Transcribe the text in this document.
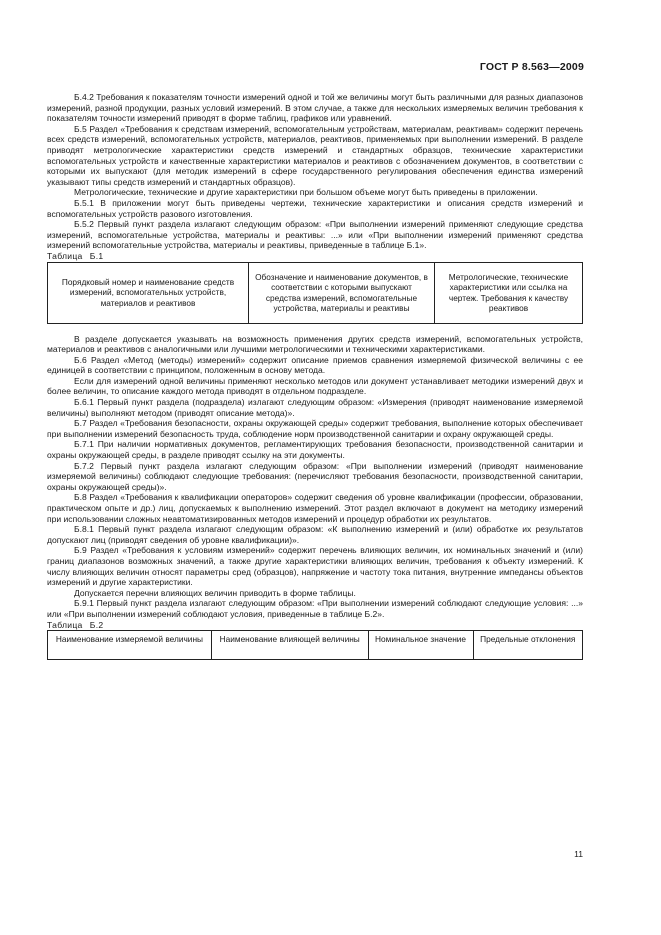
ГОСТ Р 8.563—2009

Б.4.2 Требования к показателям точности измерений одной и той же величины могут быть различными для разных диапазонов измерений, разной продукции, разных условий измерений. В этом случае, а также для нескольких измеряемых величин требования к показателям точности измерений приводят в форме таблиц, графиков или уравнений.

Б.5 Раздел «Требования к средствам измерений, вспомогательным устройствам, материалам, реактивам» содержит перечень всех средств измерений, вспомогательных устройств, материалов, реактивов, применяемых при выполнении измерений. В разделе приводят метрологические характеристики средств измерений и стандартных образцов, технические характеристики вспомогательных устройств и качественные характеристики материалов и реактивов с обозначением документов, в соответствии с которыми их выпускают (для методик измерений в сфере государственного регулирования обеспечения единства измерений указывают типы средств измерений и стандартных образцов).

Метрологические, технические и другие характеристики при большом объеме могут быть приведены в приложении.

Б.5.1 В приложении могут быть приведены чертежи, технические характеристики и описания средств измерений и вспомогательных устройств разового изготовления.

Б.5.2 Первый пункт раздела излагают следующим образом: «При выполнении измерений применяют следующие средства измерений, вспомогательные устройства, материалы и реактивы: ...» или «При выполнении измерений применяют средства измерений вспомогательные устройства, материалы и реактивы, приведенные в таблице Б.1».

Таблица Б.1

Порядковый номер и наименование средств измерений, вспомогательных устройств, материалов и реактивов	Обозначение и наименование документов, в соответствии с которыми выпускают средства измерений, вспомогательные устройства, материалы и реактивы	Метрологические, технические характеристики или ссылка на чертеж. Требования к качеству реактивов

В разделе допускается указывать на возможность применения других средств измерений, вспомогательных устройств, материалов и реактивов с аналогичными или лучшими метрологическими и техническими характеристиками.

Б.6 Раздел «Метод (методы) измерений» содержит описание приемов сравнения измеряемой физической величины с ее единицей в соответствии с принципом, положенным в основу метода.

Если для измерений одной величины применяют несколько методов или документ устанавливает методики измерений двух и более величин, то описание каждого метода приводят в отдельном подразделе.

Б.6.1 Первый пункт раздела (подраздела) излагают следующим образом: «Измерения (приводят наименование измеряемой величины) выполняют методом (приводят описание метода)».

Б.7 Раздел «Требования безопасности, охраны окружающей среды» содержит требования, выполнение которых обеспечивает при выполнении измерений безопасность труда, соблюдение норм производственной санитарии и охрану окружающей среды.

Б.7.1 При наличии нормативных документов, регламентирующих требования безопасности, производственной санитарии и охраны окружающей среды, в разделе приводят ссылку на эти документы.

Б.7.2 Первый пункт раздела излагают следующим образом: «При выполнении измерений (приводят наименование измеряемой величины) соблюдают следующие требования: (перечисляют требования безопасности, производственной санитарии, охраны окружающей среды)».

Б.8 Раздел «Требования к квалификации операторов» содержит сведения об уровне квалификации (профессии, образовании, практическом опыте и др.) лиц, допускаемых к выполнению измерений. Этот раздел включают в документ на методику измерений при использовании сложных неавтоматизированных методов измерений и процедур обработки их результатов.

Б.8.1 Первый пункт раздела излагают следующим образом: «К выполнению измерений и (или) обработке их результатов допускают лиц (приводят сведения об уровне квалификации)».

Б.9 Раздел «Требования к условиям измерений» содержит перечень влияющих величин, их номинальных значений и (или) границ диапазонов возможных значений, а также другие характеристики влияющих величин, требования к объекту измерений. К числу влияющих величин относят параметры сред (образцов), напряжение и частоту тока питания, внутренние импедансы объектов измерений и другие характеристики.

Допускается перечни влияющих величин приводить в форме таблицы.

Б.9.1 Первый пункт раздела излагают следующим образом: «При выполнении измерений соблюдают следующие условия: ...» или «При выполнении измерений соблюдают условия, приведенные в таблице Б.2».

Таблица Б.2

Наименование измеряемой величины	Наименование влияющей величины	Номинальное значение	Предельные отклонения
11
